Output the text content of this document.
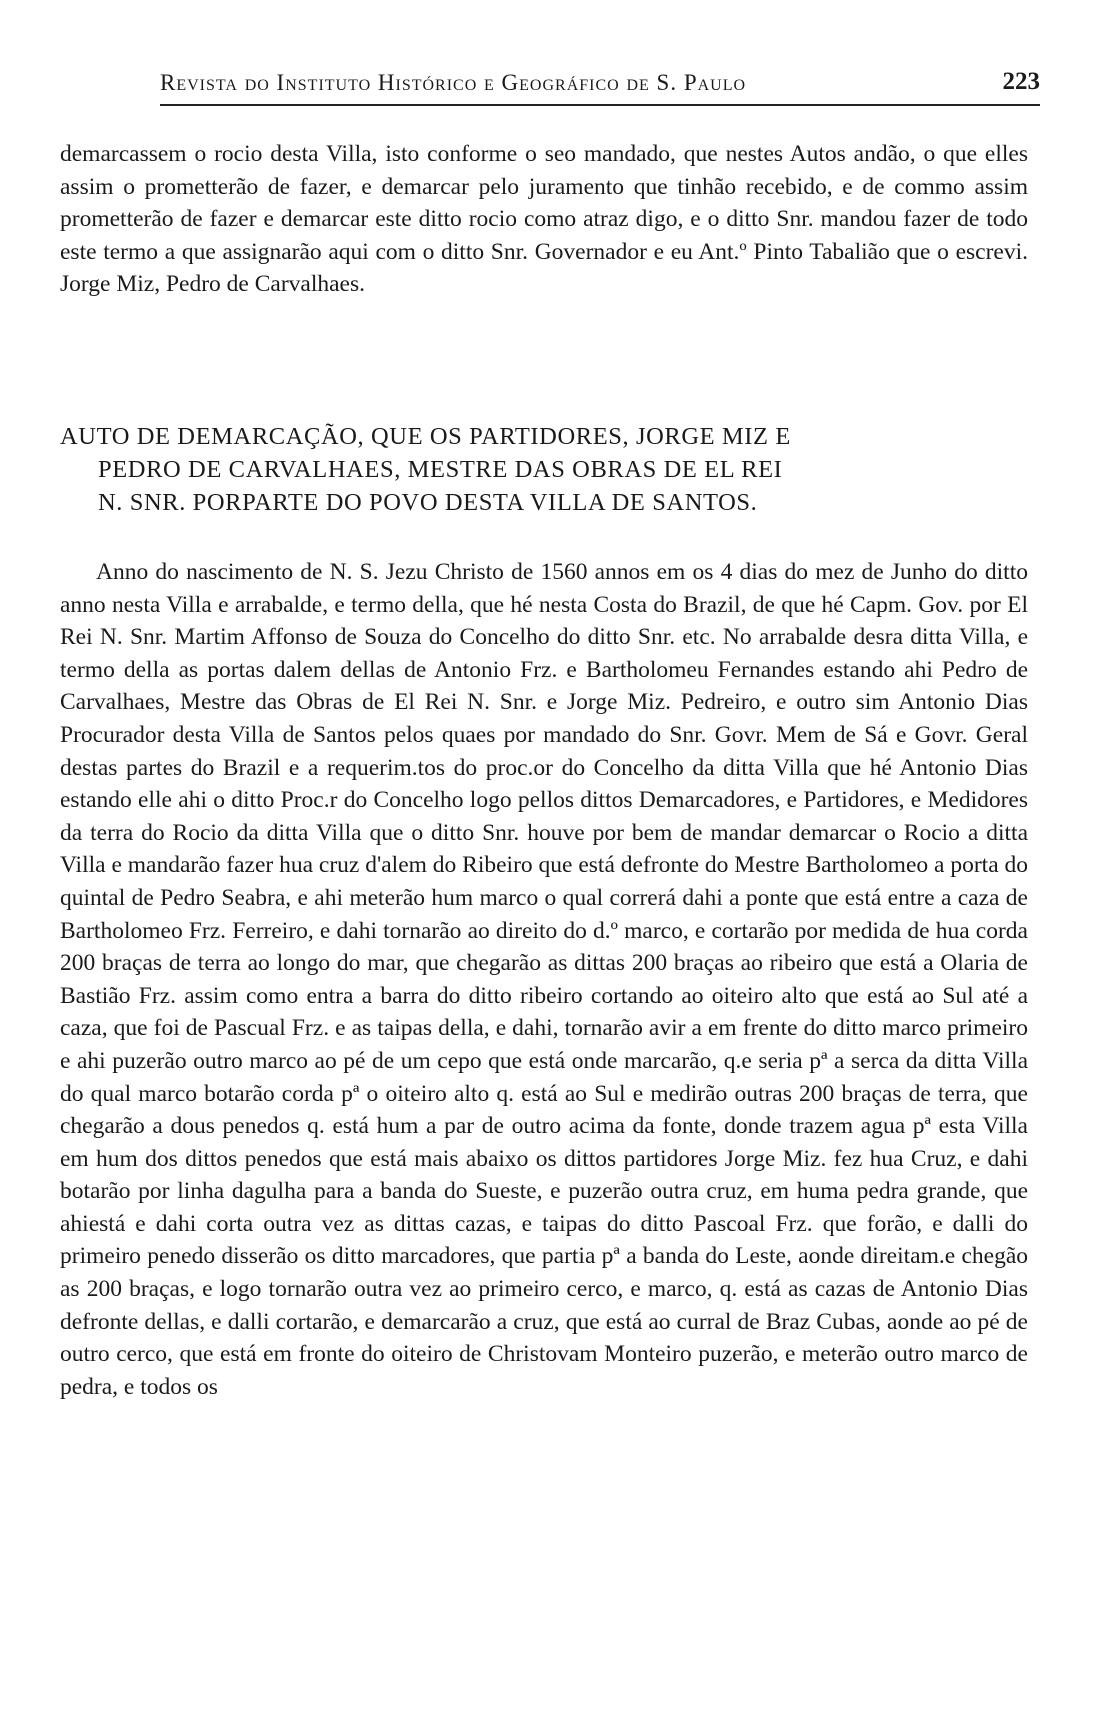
Revista do Instituto Histórico e Geográfico de S. Paulo	223

demarcassem o rocio desta Villa, isto conforme o seo mandado, que nestes Autos andão, o que elles assim o prometterão de fazer, e demarcar pelo juramento que tinhão recebido, e de commo assim prometterão de fazer e demarcar este ditto rocio como atraz digo, e o ditto Snr. mandou fazer de todo este termo a que assignarão aqui com o ditto Snr. Governador e eu Ant.º Pinto Tabalião que o escrevi. Jorge Miz, Pedro de Carvalhaes.

AUTO DE DEMARCAÇÃO, QUE OS PARTIDORES, JORGE MIZ E
PEDRO DE CARVALHAES, MESTRE DAS OBRAS DE EL REI
N. SNR. PORPARTE DO POVO DESTA VILLA DE SANTOS.

Anno do nascimento de N. S. Jezu Christo de 1560 annos em os 4 dias do mez de Junho do ditto anno nesta Villa e arrabalde, e termo della, que hé nesta Costa do Brazil, de que hé Capm. Gov. por El Rei N. Snr. Martim Affonso de Souza do Concelho do ditto Snr. etc. No arrabalde desra ditta Villa, e termo della as portas dalem dellas de Antonio Frz. e Bartholomeu Fernandes estando ahi Pedro de Carvalhaes, Mestre das Obras de El Rei N. Snr. e Jorge Miz. Pedreiro, e outro sim Antonio Dias Procurador desta Villa de Santos pelos quaes por mandado do Snr. Govr. Mem de Sá e Govr. Geral destas partes do Brazil e a requerim.tos do proc.or do Concelho da ditta Villa que hé Antonio Dias estando elle ahi o ditto Proc.r do Concelho logo pellos dittos Demarcadores, e Partidores, e Medidores da terra do Rocio da ditta Villa que o ditto Snr. houve por bem de mandar demarcar o Rocio a ditta Villa e mandarão fazer hua cruz d'alem do Ribeiro que está defronte do Mestre Bartholomeo a porta do quintal de Pedro Seabra, e ahi meterão hum marco o qual correrá dahi a ponte que está entre a caza de Bartholomeo Frz. Ferreiro, e dahi tornarão ao direito do d.º marco, e cortarão por medida de hua corda 200 braças de terra ao longo do mar, que chegarão as dittas 200 braças ao ribeiro que está a Olaria de Bastião Frz. assim como entra a barra do ditto ribeiro cortando ao oiteiro alto que está ao Sul até a caza, que foi de Pascual Frz. e as taipas della, e dahi, tornarão avir a em frente do ditto marco primeiro e ahi puzerão outro marco ao pé de um cepo que está onde marcarão, q.e seria pª a serca da ditta Villa do qual marco botarão corda pª o oiteiro alto q. está ao Sul e medirão outras 200 braças de terra, que chegarão a dous penedos q. está hum a par de outro acima da fonte, donde trazem agua pª esta Villa em hum dos dittos penedos que está mais abaixo os dittos partidores Jorge Miz. fez hua Cruz, e dahi botarão por linha dagulha para a banda do Sueste, e puzerão outra cruz, em huma pedra grande, que ahiestá e dahi corta outra vez as dittas cazas, e taipas do ditto Pascoal Frz. que forão, e dalli do primeiro penedo disserão os ditto marcadores, que partia pª a banda do Leste, aonde direitam.e chegão as 200 braças, e logo tornarão outra vez ao primeiro cerco, e marco, q. está as cazas de Antonio Dias defronte dellas, e dalli cortarão, e demarcarão a cruz, que está ao curral de Braz Cubas, aonde ao pé de outro cerco, que está em fronte do oiteiro de Christovam Monteiro puzerão, e meterão outro marco de pedra, e todos os
